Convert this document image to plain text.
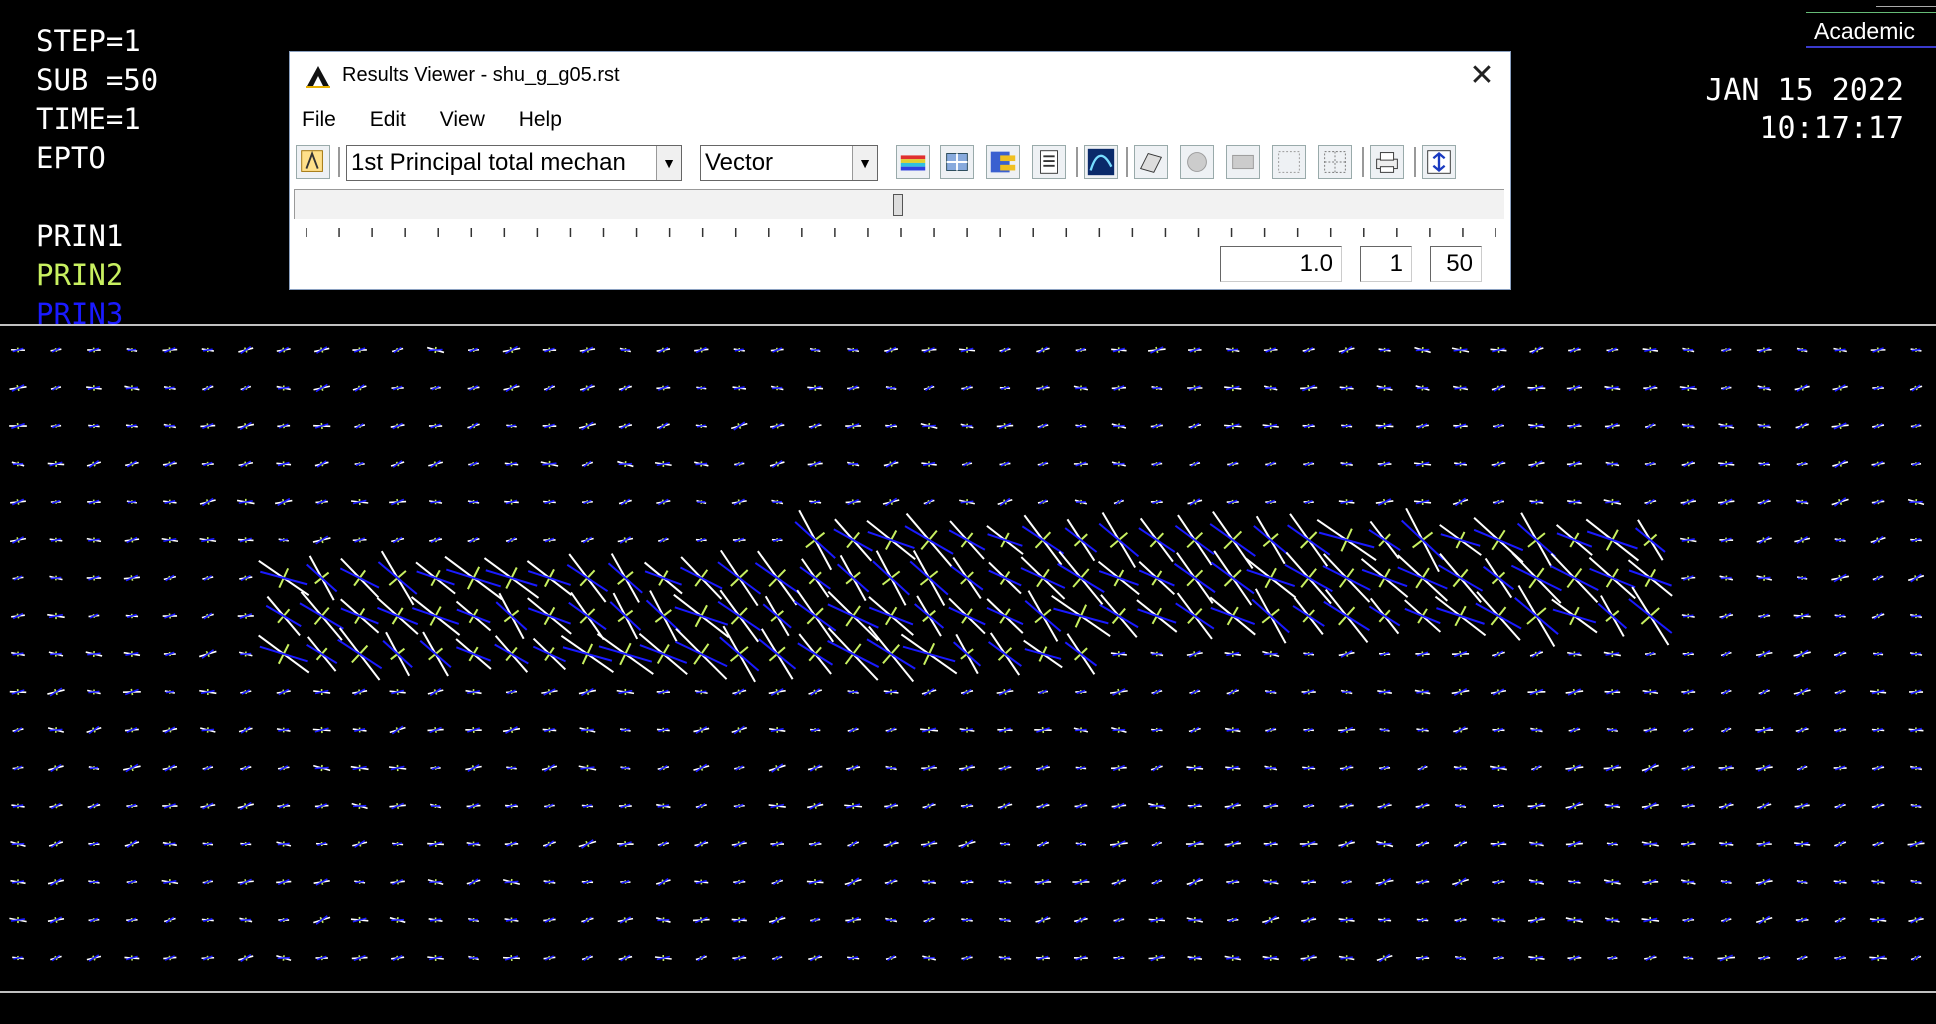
STEP=1
SUB =50
TIME=1
EPTO
PRIN1
PRIN2
PRIN3
Academic
JAN 15 2022
10:17:17
Results Viewer - shu_g_g05.rst	✕
File Edit View Help
1st Principal total mechan	▼ Vector	▼
1.0	1	50
